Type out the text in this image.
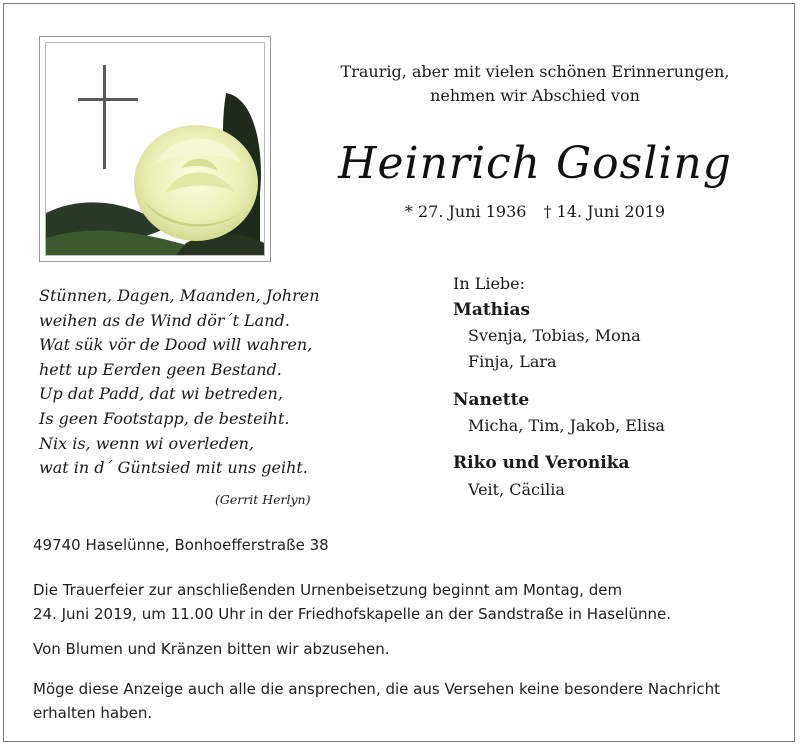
Traurig, aber mit vielen schönen Erinnerungen,
nehmen wir Abschied von
Heinrich Gosling
* 27. Juni 1936 † 14. Juni 2019
Stünnen, Dagen, Maanden, Johren
weihen as de Wind dör´t Land.
Wat sük vör de Dood will wahren,
hett up Eerden geen Bestand.
Up dat Padd, dat wi betreden,
Is geen Footstapp, de besteiht.
Nix is, wenn wi overleden,
wat in d´ Güntsied mit uns geiht.
(Gerrit Herlyn)
In Liebe:
Mathias
Svenja, Tobias, Mona
Finja, Lara
Nanette
Micha, Tim, Jakob, Elisa
Riko und Veronika
Veit, Cäcilia
49740 Haselünne, Bonhoefferstraße 38
Die Trauerfeier zur anschließenden Urnenbeisetzung beginnt am Montag, dem
24. Juni 2019, um 11.00 Uhr in der Friedhofskapelle an der Sandstraße in Haselünne.
Von Blumen und Kränzen bitten wir abzusehen.
Möge diese Anzeige auch alle die ansprechen, die aus Versehen keine besondere Nachricht
erhalten haben.
